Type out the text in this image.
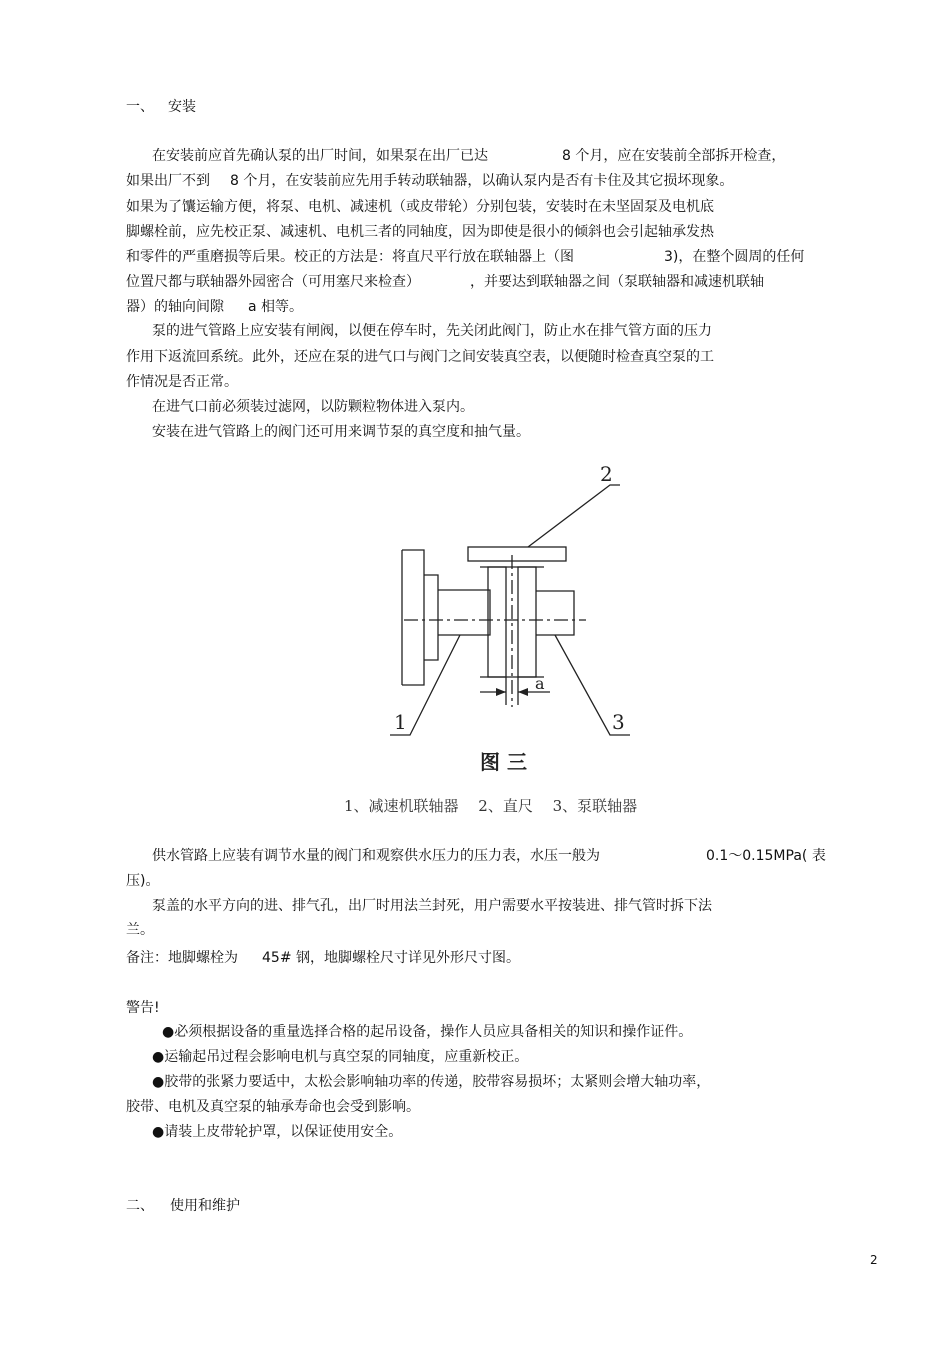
一、 安装
在安装前应首先确认泵的出厂时间，如果泵在出厂已达	8 个月，应在安装前全部拆开检查，
如果出厂不到 8 个月，在安装前应先用手转动联轴器，以确认泵内是否有卡住及其它损坏现象。
如果为了馕运输方便，将泵、电机、减速机（或皮带轮）分别包装，安装时在未坚固泵及电机底
脚螺栓前，应先校正泵、减速机、电机三者的同轴度，因为即使是很小的倾斜也会引起轴承发热
和零件的严重磨损等后果。校正的方法是：将直尺平行放在联轴器上（图	3)，在整个圆周的任何
位置尺都与联轴器外园密合（可用塞尺来检查）	，并要达到联轴器之间（泵联轴器和减速机联轴
器）的轴向间隙 a 相等。
泵的进气管路上应安装有闸阀，以便在停车时，先关闭此阀门，防止水在排气管方面的压力
作用下返流回系统。此外，还应在泵的进气口与阀门之间安装真空表，以便随时检查真空泵的工
作情况是否正常。
在进气口前必须装过滤网，以防颗粒物体进入泵内。
安装在进气管路上的阀门还可用来调节泵的真空度和抽气量。
2
1	3
a
图 三
1、减速机联轴器　 2、直尺　 3、泵联轴器
供水管路上应装有调节水量的阀门和观察供水压力的压力表，水压一般为	0.1～0.15MPa( 表
压)。
泵盖的水平方向的进、排气孔，出厂时用法兰封死，用户需要水平按装进、排气管时拆下法
兰。
备注：地脚螺栓为 45# 钢，地脚螺栓尺寸详见外形尺寸图。
警告!
●必须根据设备的重量选择合格的起吊设备，操作人员应具备相关的知识和操作证件。
●运输起吊过程会影响电机与真空泵的同轴度，应重新校正。
●胶带的张紧力要适中，太松会影响轴功率的传递，胶带容易损坏；太紧则会增大轴功率，
胶带、电机及真空泵的轴承寿命也会受到影响。
●请装上皮带轮护罩，以保证使用安全。
二、 使用和维护
2
